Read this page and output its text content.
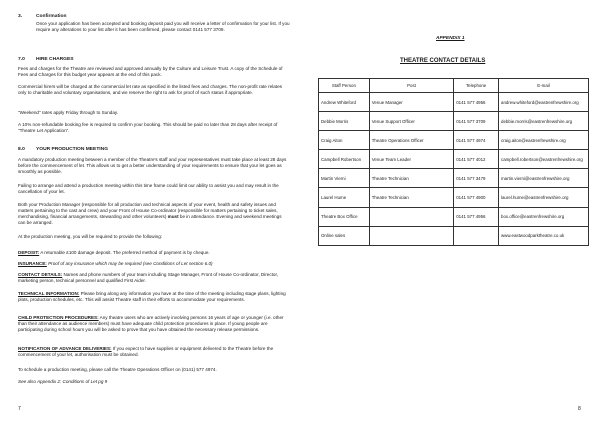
3.	Confirmation

Once your application has been accepted and booking deposit paid you will receive a letter of confirmation for your list. If you require any alterations to your list after it has been confirmed, please contact 0141 577 3709.

7.0 HIRE CHARGES

Fees and charges for the Theatre are reviewed and approved annually by the Culture and Leisure Trust. A copy of the Schedule of Fees and Charges for this budget year appears at the end of this pack.

Commercial hirers will be charged at the commercial let rate as specified in the listed fees and charges. The non-profit rate relates only to charitable and voluntary organisations, and we reserve the right to ask for proof of such status if appropriate.

"Weekend" rates apply Friday through to Sunday.

A 10% non-refundable booking fee is required to confirm your booking. This should be paid no later than 28 days after receipt of "Theatre Let Application".

8.0 YOUR PRODUCTION MEETING

A mandatory production meeting between a member of the Theatre's staff and your representatives must take place at least 28 days before the commencement of let. This allows us to get a better understanding of your requirements to ensure that your let goes as smoothly as possible.

Failing to arrange and attend a production meeting within this time frame could limit our ability to assist you and may result in the cancellation of your let.

Both your Production Manager (responsible for all production and technical aspects of your event, health and safety issues and matters pertaining to the cast and crew) and your Front of House Co-ordinator (responsible for matters pertaining to ticket sales, merchandising, financial arrangements, stewarding and other volunteers) must be in attendance. Evening and weekend meetings can be arranged.

At the production meeting, you will be required to provide the following:

DEPOSIT: A returnable £100 damage deposit. The preferred method of payment is by cheque.

INSURANCE: Proof of any insurance which may be required (see Conditions of Let section 6.0)

CONTACT DETAILS: Names and phone numbers of your team including Stage Manager, Front of House Co-ordinator, Director, marketing person, technical personnel and qualified First Aider.

TECHNICAL INFORMATION: Please bring along any information you have at the time of the meeting including stage plans, lighting plots, production schedules, etc. This will assist Theatre staff in their efforts to accommodate your requirements.

CHILD PROTECTION PROCEDURES: Any theatre users who are actively involving persons 16 years of age or younger (i.e. other than their attendance as audience members) must have adequate child protection procedures in place. If young people are participating during school hours you will be asked to prove that you have obtained the necessary release permissions.

NOTIFICATION OF ADVANCE DELIVERIES: If you expect to have supplies or equipment delivered to the Theatre before the commencement of your let, authorisation must be obtained.

To schedule a production meeting, please call the Theatre Operations Officer on (0141) 577 4974.

See also Appendix 2: Conditions of Let pg 9

7
APPENDIX 1
THEATRE CONTACT DETAILS
Staff Person	Post	Telephone	E-mail
Andrew Whiteford	Venue Manager	0141 577 4956	andrew.whiteford@eastrenfrewshire.org
Debbie Morris	Venue Support Officer	0141 577 3709	debbie.morris@eastrenfrewshire.org
Craig Aiton	Theatre Operations Officer	0141 577 4974	craig.aiton@eastrenfrewshire.org
Campbell Robertson	Venue Team Leader	0141 577 4012	campbell.robertson@eastrenfrewshire.org
Martin Vierni	Theatre Technician	0141 577 3479	martin.vierni@eastrenfrewshire.org
Laurel Hume	Theatre Technician	0141 577 4900	laurel.hume@eastrenfrewshire.org
Theatre Box Office		0141 577 4956	box.office@eastrenfrewshire.org
Online sales			www.eastwoodparktheatre.co.uk
8
